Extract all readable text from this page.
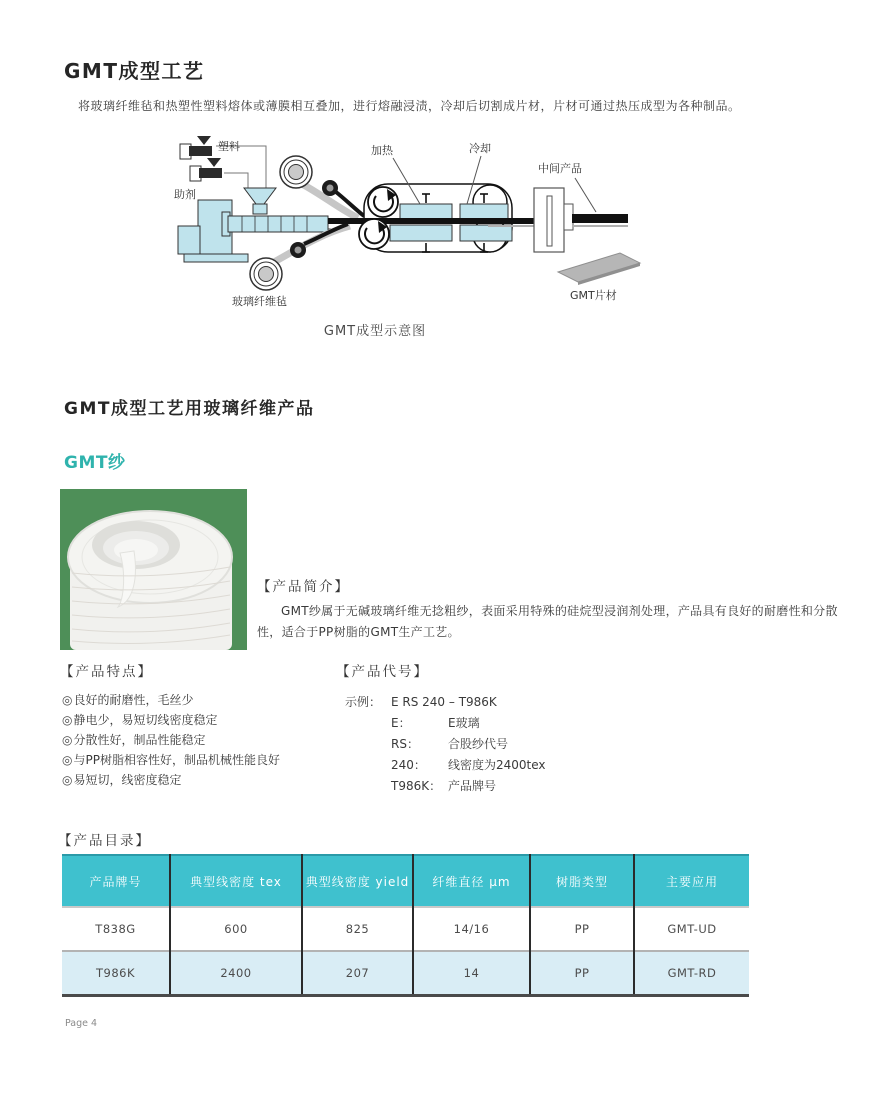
GMT成型工艺
将玻璃纤维毡和热塑性塑料熔体或薄膜相互叠加，进行熔融浸渍，冷却后切割成片材，片材可通过热压成型为各种制品。
塑料
助剂
加热	冷却
中间产品
GMT片材
玻璃纤维毡
GMT成型示意图
GMT成型工艺用玻璃纤维产品
GMT纱
【产品简介】
GMT纱属于无碱玻璃纤维无捻粗纱，表面采用特殊的硅烷型浸润剂处理，产品具有良好的耐磨性和分散性，适合于PP树脂的GMT生产工艺。
【产品特点】
◎良好的耐磨性，毛丝少
◎静电少，易短切线密度稳定
◎分散性好，制品性能稳定
◎与PP树脂相容性好，制品机械性能良好
◎易短切，线密度稳定
【产品代号】
示例： E RS 240 – T986K
E：	E玻璃
RS：	合股纱代号
240：	线密度为2400tex
T986K： 产品牌号
【产品目录】
产品牌号	典型线密度 tex	典型线密度 yield	纤维直径 μm	树脂类型	主要应用
T838G	600	825	14/16	PP	GMT-UD
T986K	2400	207	14	PP	GMT-RD
Page 4
